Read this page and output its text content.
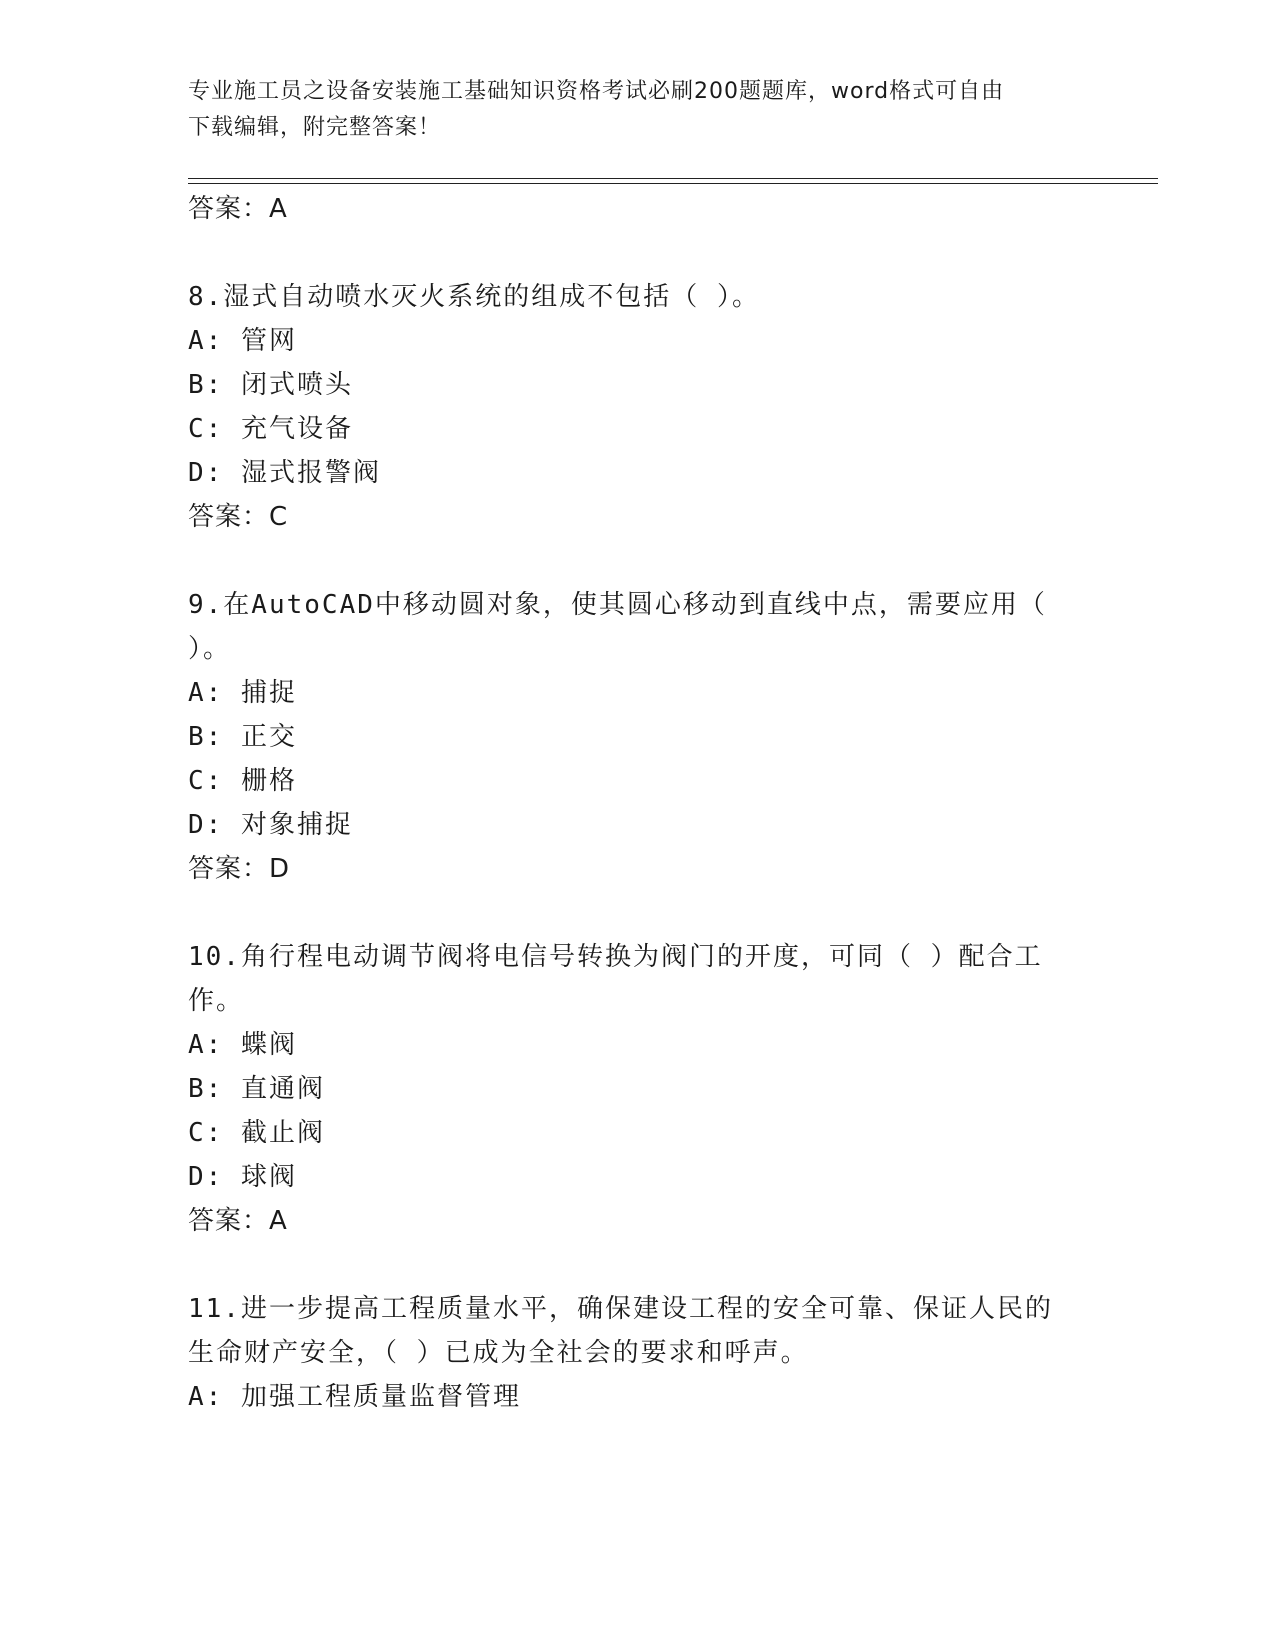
专业施工员之设备安装施工基础知识资格考试必刷200题题库，word格式可自由
下载编辑，附完整答案！
答案：A
8.湿式自动喷水灭火系统的组成不包括（ ）。
A: 管网
B: 闭式喷头
C: 充气设备
D: 湿式报警阀
答案：C
9.在AutoCAD中移动圆对象，使其圆心移动到直线中点，需要应用（
）。
A: 捕捉
B: 正交
C: 栅格
D: 对象捕捉
答案：D
10.角行程电动调节阀将电信号转换为阀门的开度，可同（ ）配合工
作。
A: 蝶阀
B: 直通阀
C: 截止阀
D: 球阀
答案：A
11.进一步提高工程质量水平，确保建设工程的安全可靠、保证人民的
生命财产安全，（ ）已成为全社会的要求和呼声。
A: 加强工程质量监督管理
